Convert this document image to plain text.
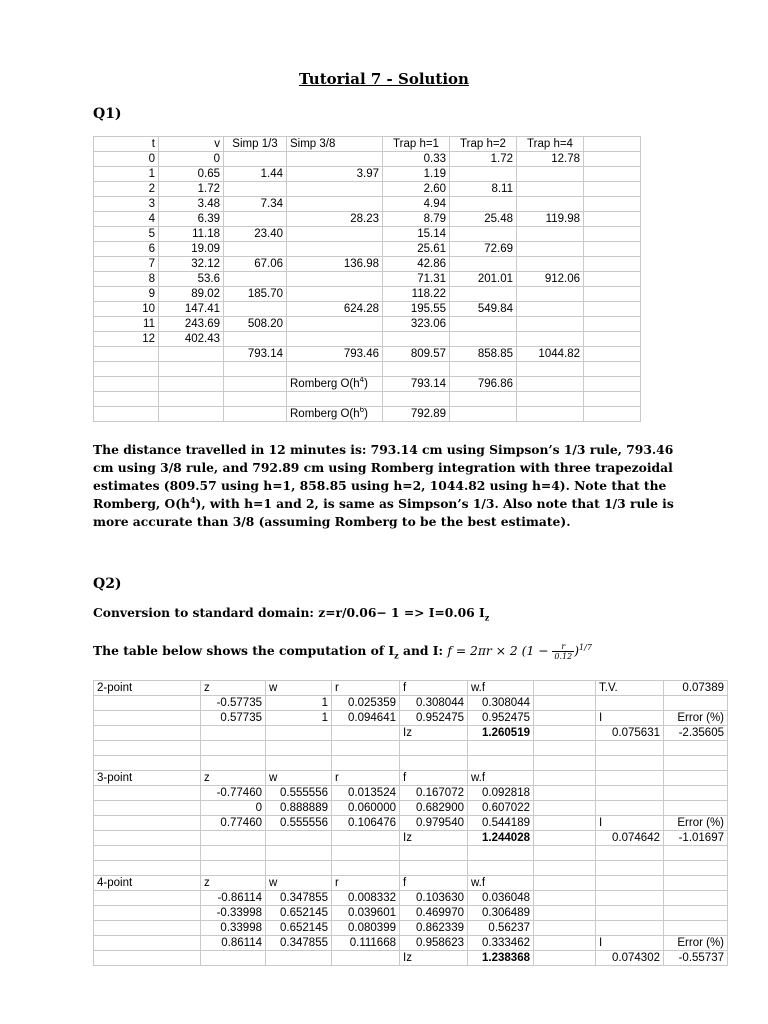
Tutorial 7 - Solution
Q1)
t	v	Simp 1/3	Simp 3/8	Trap h=1	Trap h=2	Trap h=4	
0	0			0.33	1.72	12.78	
1	0.65	1.44	3.97	1.19			
2	1.72			2.60	8.11		
3	3.48	7.34		4.94			
4	6.39		28.23	8.79	25.48	119.98	
5	11.18	23.40		15.14			
6	19.09			25.61	72.69		
7	32.12	67.06	136.98	42.86			
8	53.6			71.31	201.01	912.06	
9	89.02	185.70		118.22			
10	147.41		624.28	195.55	549.84		
11	243.69	508.20		323.06			
12	402.43						
		793.14	793.46	809.57	858.85	1044.82	

			Romberg $O(h^4)$	793.14	796.86		

			Romberg $O(h^6)$	792.89			
The distance travelled in 12 minutes is: 793.14 cm using Simpson’s 1/3 rule, 793.46 cm using 3/8 rule, and 792.89 cm using Romberg integration with three trapezoidal estimates (809.57 using h=1, 858.85 using h=2, 1044.82 using h=4). Note that the Romberg, $O(h^4)$, with h=1 and 2, is same as Simpson’s 1/3. Also note that 1/3 rule is more accurate than 3/8 (assuming Romberg to be the best estimate).
Q2)
Conversion to standard domain: z=r/0.06− 1 => I=0.06 $I_z$
The table below shows the computation of $I_z$ and I: f = 2πr × 2 $(1 - \frac{r}{0.12} )^{1/7}$
2-point	z	w	r	f	w.f		T.V.	0.07389
	-0.57735	1	0.025359	0.308044	0.308044			
	0.57735	1	0.094641	0.952475	0.952475		I	Error (%)
				Iz	1.260519		0.075631	-2.35605

3-point	z	w	r	f	w.f			
	-0.77460	0.555556	0.013524	0.167072	0.092818			
	0	0.888889	0.060000	0.682900	0.607022			
	0.77460	0.555556	0.106476	0.979540	0.544189		I	Error (%)
				Iz	1.244028		0.074642	-1.01697

4-point	z	w	r	f	w.f			
	-0.86114	0.347855	0.008332	0.103630	0.036048			
	-0.33998	0.652145	0.039601	0.469970	0.306489			
	0.33998	0.652145	0.080399	0.862339	0.56237			
	0.86114	0.347855	0.111668	0.958623	0.333462		I	Error (%)
				Iz	1.238368		0.074302	-0.55737
